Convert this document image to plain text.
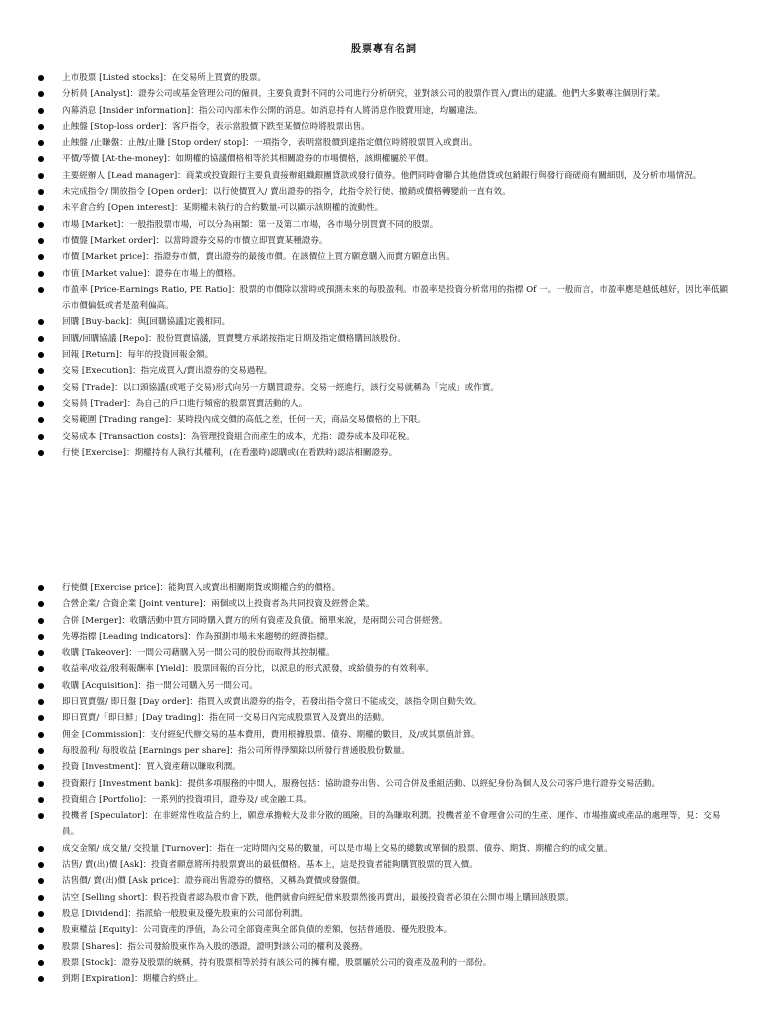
股票專有名詞
上市股票 [Listed stocks]：在交易所上買賣的股票。
分析員 [Analyst]：證券公司或基金管理公司的僱員，主要負責對不同的公司進行分析研究，並對該公司的股票作買入/賣出的建議。他們大多數專注個別行業。
內幕消息 [Insider information]：指公司內部未作公開的消息。如消息持有人將消息作股賣用途，均屬違法。
止蝕盤 [Stop-loss order]：客戶指令，表示當股價下跌至某價位時將股票出售。
止蝕盤 /止賺盤：止蝕/止賺 [Stop order/ stop]：一項指令，表明當股價到達指定價位時將股票買入或賣出。
平價/等價 [At-the-money]：如期權的協議價格相等於其相關證券的市場價格，該期權屬於平價。
主要經辦人 [Lead manager]：商業或投資銀行主要負責接辦組織銀團貸款或發行債券。他們同時會聯合其他借貸或包銷銀行與發行商磋商有關細則，及分析市場情況。
未完成指令/ 開放指令 [Open order]：以行使價買入/ 賣出證券的指令，此指令於行使、撤銷或價格轉變前一直有效。
未平倉合約 [Open interest]：某期權未執行的合約數量-可以顯示該期權的流動性。
市場 [Market]：一般指股票市場，可以分為兩類：第一及第二市場，各市場分別買賣不同的股票。
市價盤 [Market order]：以當時證券交易的市價立即買賣某種證券。
市價 [Market price]：指證券市價，賣出證券的最後市價。在該價位上買方願意購入而賣方願意出售。
市值 [Market value]：證券在市場上的價格。
市盈率 [Price-Earnings Ratio, PE Ratio]：股票的市價除以當時或預測未來的每股盈利。市盈率是投資分析常用的指標 Of 一。一般而言，市盈率應是越低越好，因比率低顯示市價偏低或者是盈利偏高。
回購 [Buy-back]：與[回購協議]定義相同。
回購/回購協議 [Repo]：股份買賣協議，買賣雙方承諾按指定日期及指定價格購回該股份。
回報 [Return]：每年的投資回報金額。
交易 [Execution]：指完成買入/賣出證券的交易過程。
交易 [Trade]：以口頭協議(或電子交易)形式向另一方購買證券。交易一經進行，該行交易就稱為「完成」或作實。
交易員 [Trader]：為自己的戶口進行頻密的股票買賣活動的人。
交易範圍 [Trading range]：某時段內成交價的高低之差，任何一天，商品交易價格的上下限。
交易成本 [Transaction costs]：為管理投資組合而產生的成本，尤指：證券成本及印花稅。
行使 [Exercise]：期權持有人執行其權利，(在看漲時)認購或(在看跌時)認沽相關證券。
行使價 [Exercise price]：能夠買入或賣出相關期貨或期權合約的價格。
合營企業/ 合資企業 [Joint venture]：兩個或以上投資者為共同投資及經營企業。
合併 [Merger]：收購活動中買方同時購入賣方的所有資產及負債。簡單來說，是兩間公司合併經營。
先導指標 [Leading indicators]：作為預測市場未來趨勢的經濟指標。
收購 [Takeover]：一間公司藉購入另一間公司的股份而取得其控制權。
收益率/收益/股利報酬率 [Yield]：股票回報的百分比，以派息的形式派發，或給債券的有效利率。
收購 [Acquisition]：指一間公司購入另一間公司。
即日買賣盤/ 即日盤 [Day order]：指買入或賣出證券的指令，若發出指令當日不能成交，該指令則自動失效。
即日買賣/「即日鮮」[Day trading]：指在同一交易日內完成股票買入及賣出的活動。
佣金 [Commission]：支付經紀代辦交易的基本費用，費用根據股票、債券、期權的數目，及/或其票值計算。
每股盈利/ 每股收益 [Earnings per share]：指公司所得淨額除以所發行普通股股份數量。
投資 [Investment]：買入資產藉以賺取利潤。
投資銀行 [Investment bank]：提供多項服務的中間人，服務包括：協助證券出售、公司合併及重組活動、以經紀身份為個人及公司客戶進行證券交易活動。
投資組合 [Portfolio]：一系列的投資項目，證券及/ 或金融工具。
投機者 [Speculator]：在非經常性收益合約上，願意承擔較大及非分散的風險。目的為賺取利潤。投機者並不會理會公司的生產、運作、市場推廣或產品的處理等，見：交易員。
成交金額/ 成交量/ 交投量 [Turnover]：指在一定時間內交易的數量，可以是市場上交易的總數或單個的股票、債券、期貨、期權合約的成交量。
沽售/ 賣(出)價 [Ask]：投資者願意將所持股票賣出的最低價格。基本上，這是投資者能夠購買股票的買入價。
沽售價/ 賣(出)價 [Ask price]：證券商出售證券的價格，又稱為賣價或發盤價。
沽空 [Selling short]：假若投資者認為股市會下跌，他們就會向經紀借來股票然後再賣出，最後投資者必須在公開市場上購回該股票。
股息 [Dividend]：指派給一般股東及優先股東的公司部份利潤。
股東權益 [Equity]：公司資產的淨值，為公司全部資產與全部負債的差額，包括普通股、優先股股本。
股票 [Shares]：指公司發給股東作為入股的憑證，證明對該公司的權利及義務。
股票 [Stock]：證券及股票的統稱，持有股票相等於持有該公司的擁有權，股票屬於公司的資產及盈利的一部份。
到期 [Expiration]：期權合約終止。
